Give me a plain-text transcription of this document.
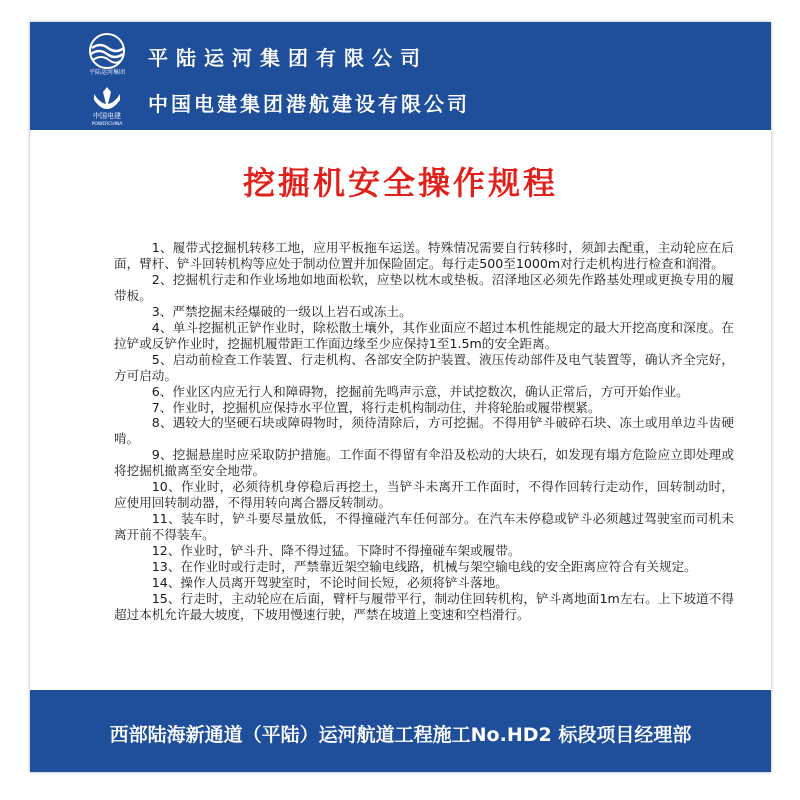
平陆运河集团
中国电建
POWERCHINA
平陆运河集团有限公司
中国电建集团港航建设有限公司
挖掘机安全操作规程

1、履带式挖掘机转移工地，应用平板拖车运送。特殊情况需要自行转移时，须卸去配重，主动轮应在后面，臂杆、铲斗回转机构等应处于制动位置并加保险固定。每行走500至1000m对行走机构进行检查和润滑。

2、挖掘机行走和作业场地如地面松软，应垫以枕木或垫板。沼泽地区必须先作路基处理或更换专用的履带板。

3、严禁挖掘未经爆破的一级以上岩石或冻土。

4、单斗挖掘机正铲作业时，除松散土壤外，其作业面应不超过本机性能规定的最大开挖高度和深度。在拉铲或反铲作业时，挖掘机履带距工作面边缘至少应保持1至1.5m的安全距离。

5、启动前检查工作装置、行走机构、各部安全防护装置、液压传动部件及电气装置等，确认齐全完好，方可启动。

6、作业区内应无行人和障碍物，挖掘前先鸣声示意，并试挖数次，确认正常后，方可开始作业。

7、作业时，挖掘机应保持水平位置，将行走机构制动住，并将轮胎或履带楔紧。

8、遇较大的坚硬石块或障碍物时，须待清除后，方可挖掘。不得用铲斗破碎石块、冻土或用单边斗齿硬啃。

9、挖掘悬崖时应采取防护措施。工作面不得留有伞沿及松动的大块石，如发现有塌方危险应立即处理或将挖掘机撤离至安全地带。

10、作业时，必须待机身停稳后再挖土，当铲斗未离开工作面时，不得作回转行走动作，回转制动时，应使用回转制动器，不得用转向离合器反转制动。

11、装车时，铲斗要尽量放低，不得撞碰汽车任何部分。在汽车未停稳或铲斗必须越过驾驶室而司机未离开前不得装车。

12、作业时，铲斗升、降不得过猛。下降时不得撞碰车架或履带。

13、在作业时或行走时，严禁靠近架空输电线路，机械与架空输电线的安全距离应符合有关规定。

14、操作人员离开驾驶室时，不论时间长短，必须将铲斗落地。

15、行走时，主动轮应在后面，臂杆与履带平行，制动住回转机构，铲斗离地面1m左右。上下坡道不得超过本机允许最大坡度，下坡用慢速行驶，严禁在坡道上变速和空档滑行。

西部陆海新通道（平陆）运河航道工程施工No.HD2 标段项目经理部
